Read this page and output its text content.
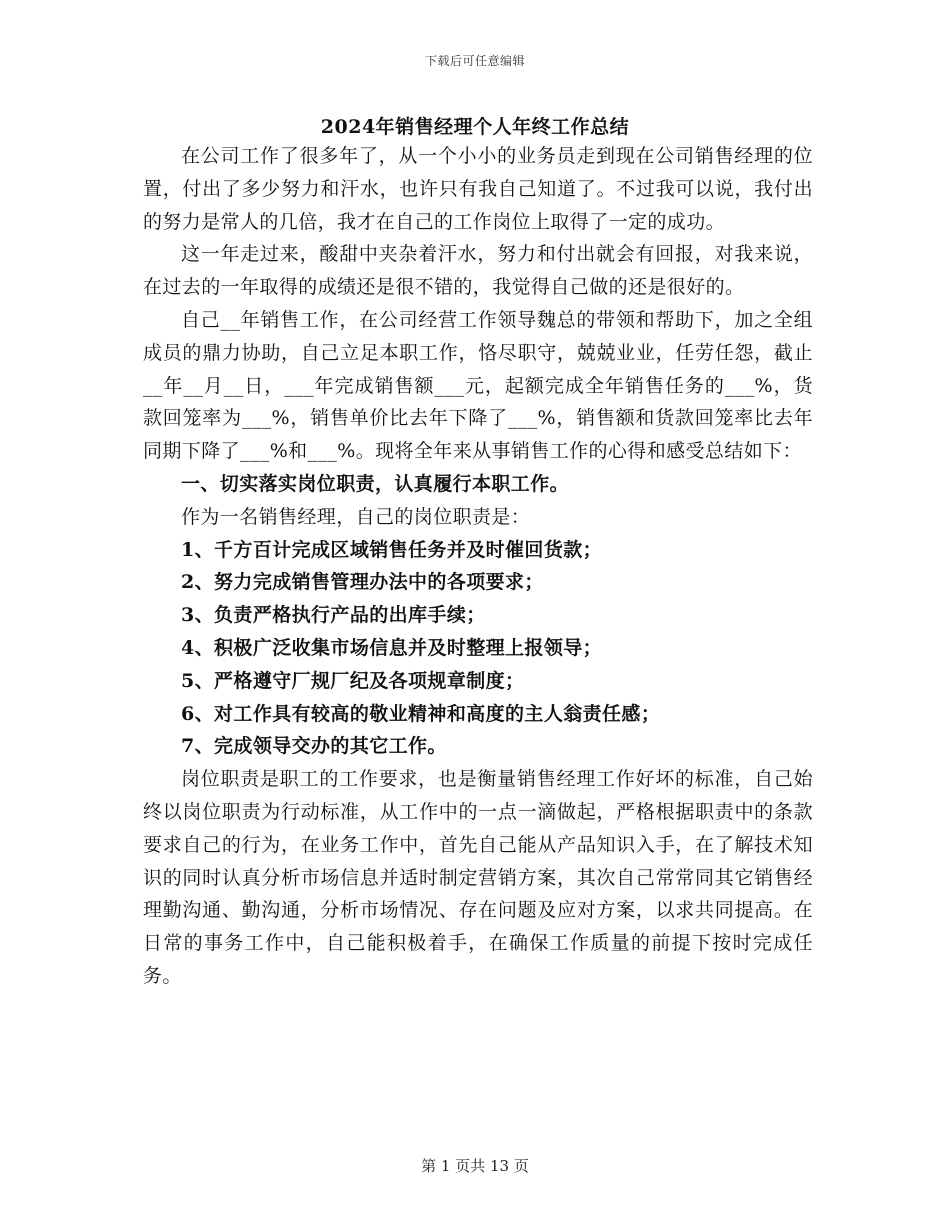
下载后可任意编辑
2024年销售经理个人年终工作总结

在公司工作了很多年了，从一个小小的业务员走到现在公司销售经理的位置，付出了多少努力和汗水，也许只有我自己知道了。不过我可以说，我付出的努力是常人的几倍，我才在自己的工作岗位上取得了一定的成功。

这一年走过来，酸甜中夹杂着汗水，努力和付出就会有回报，对我来说，在过去的一年取得的成绩还是很不错的，我觉得自己做的还是很好的。

自己__年销售工作，在公司经营工作领导魏总的带领和帮助下，加之全组成员的鼎力协助，自己立足本职工作，恪尽职守，兢兢业业，任劳任怨，截止__年__月__日，___年完成销售额___元，起额完成全年销售任务的___%，货款回笼率为___%，销售单价比去年下降了___%，销售额和货款回笼率比去年同期下降了___%和___%。现将全年来从事销售工作的心得和感受总结如下：

一、切实落实岗位职责，认真履行本职工作。

作为一名销售经理，自己的岗位职责是：

1、千方百计完成区域销售任务并及时催回货款；

2、努力完成销售管理办法中的各项要求；

3、负责严格执行产品的出库手续；

4、积极广泛收集市场信息并及时整理上报领导；

5、严格遵守厂规厂纪及各项规章制度；

6、对工作具有较高的敬业精神和高度的主人翁责任感；

7、完成领导交办的其它工作。

岗位职责是职工的工作要求，也是衡量销售经理工作好坏的标准，自己始终以岗位职责为行动标准，从工作中的一点一滴做起，严格根据职责中的条款要求自己的行为，在业务工作中，首先自己能从产品知识入手，在了解技术知识的同时认真分析市场信息并适时制定营销方案，其次自己常常同其它销售经理勤沟通、勤沟通，分析市场情况、存在问题及应对方案，以求共同提高。在日常的事务工作中，自己能积极着手，在确保工作质量的前提下按时完成任务。

第 1 页共 13 页
